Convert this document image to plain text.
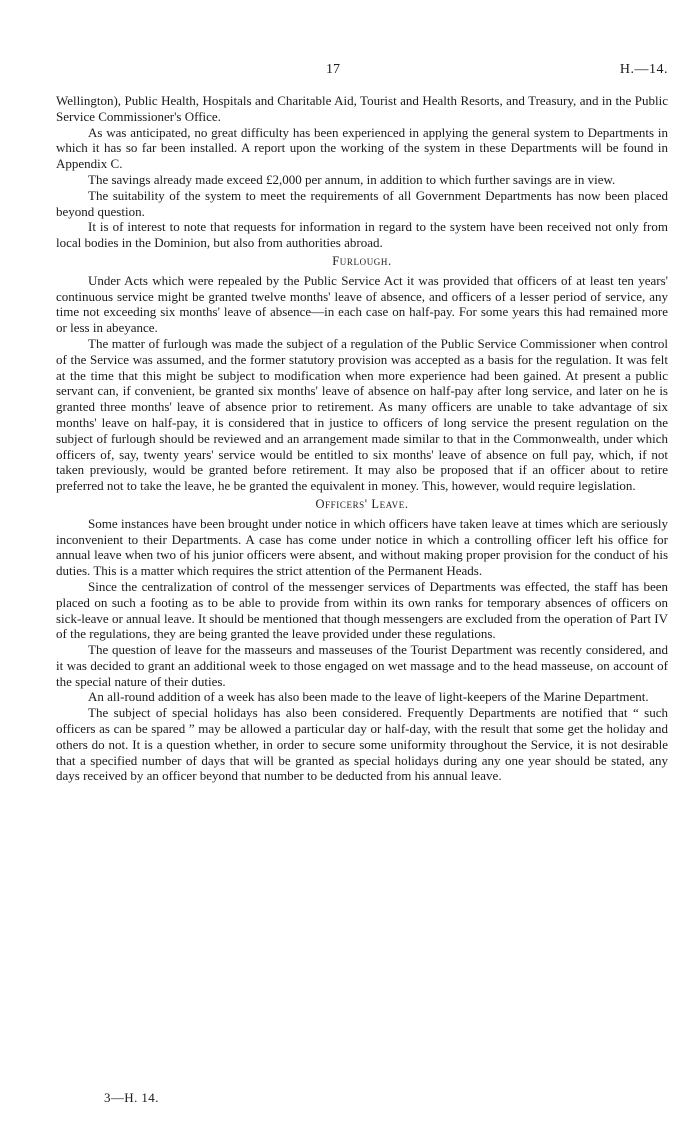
17	H.—14.

Wellington), Public Health, Hospitals and Charitable Aid, Tourist and Health Resorts, and Treasury, and in the Public Service Commissioner's Office.

As was anticipated, no great difficulty has been experienced in applying the general system to Departments in which it has so far been installed. A report upon the working of the system in these Departments will be found in Appendix C.

The savings already made exceed £2,000 per annum, in addition to which further savings are in view.

The suitability of the system to meet the requirements of all Government Departments has now been placed beyond question.

It is of interest to note that requests for information in regard to the system have been received not only from local bodies in the Dominion, but also from authorities abroad.

Furlough.

Under Acts which were repealed by the Public Service Act it was provided that officers of at least ten years' continuous service might be granted twelve months' leave of absence, and officers of a lesser period of service, any time not exceeding six months' leave of absence—in each case on half-pay. For some years this had remained more or less in abeyance.

The matter of furlough was made the subject of a regulation of the Public Service Commissioner when control of the Service was assumed, and the former statutory provision was accepted as a basis for the regulation. It was felt at the time that this might be subject to modification when more experience had been gained. At present a public servant can, if convenient, be granted six months' leave of absence on half-pay after long service, and later on he is granted three months' leave of absence prior to retirement. As many officers are unable to take advantage of six months' leave on half-pay, it is considered that in justice to officers of long service the present regulation on the subject of furlough should be reviewed and an arrangement made similar to that in the Commonwealth, under which officers of, say, twenty years' service would be entitled to six months' leave of absence on full pay, which, if not taken previously, would be granted before retirement. It may also be proposed that if an officer about to retire preferred not to take the leave, he be granted the equivalent in money. This, however, would require legislation.

Officers' Leave.

Some instances have been brought under notice in which officers have taken leave at times which are seriously inconvenient to their Departments. A case has come under notice in which a controlling officer left his office for annual leave when two of his junior officers were absent, and without making proper provision for the conduct of his duties. This is a matter which requires the strict attention of the Permanent Heads.

Since the centralization of control of the messenger services of Departments was effected, the staff has been placed on such a footing as to be able to provide from within its own ranks for temporary absences of officers on sick-leave or annual leave. It should be mentioned that though messengers are excluded from the operation of Part IV of the regulations, they are being granted the leave provided under these regulations.

The question of leave for the masseurs and masseuses of the Tourist Department was recently considered, and it was decided to grant an additional week to those engaged on wet massage and to the head masseuse, on account of the special nature of their duties.

An all-round addition of a week has also been made to the leave of light-keepers of the Marine Department.

The subject of special holidays has also been considered. Frequently Departments are notified that “ such officers as can be spared ” may be allowed a particular day or half-day, with the result that some get the holiday and others do not. It is a question whether, in order to secure some uniformity throughout the Service, it is not desirable that a specified number of days that will be granted as special holidays during any one year should be stated, any days received by an officer beyond that number to be deducted from his annual leave.

3—H. 14.
